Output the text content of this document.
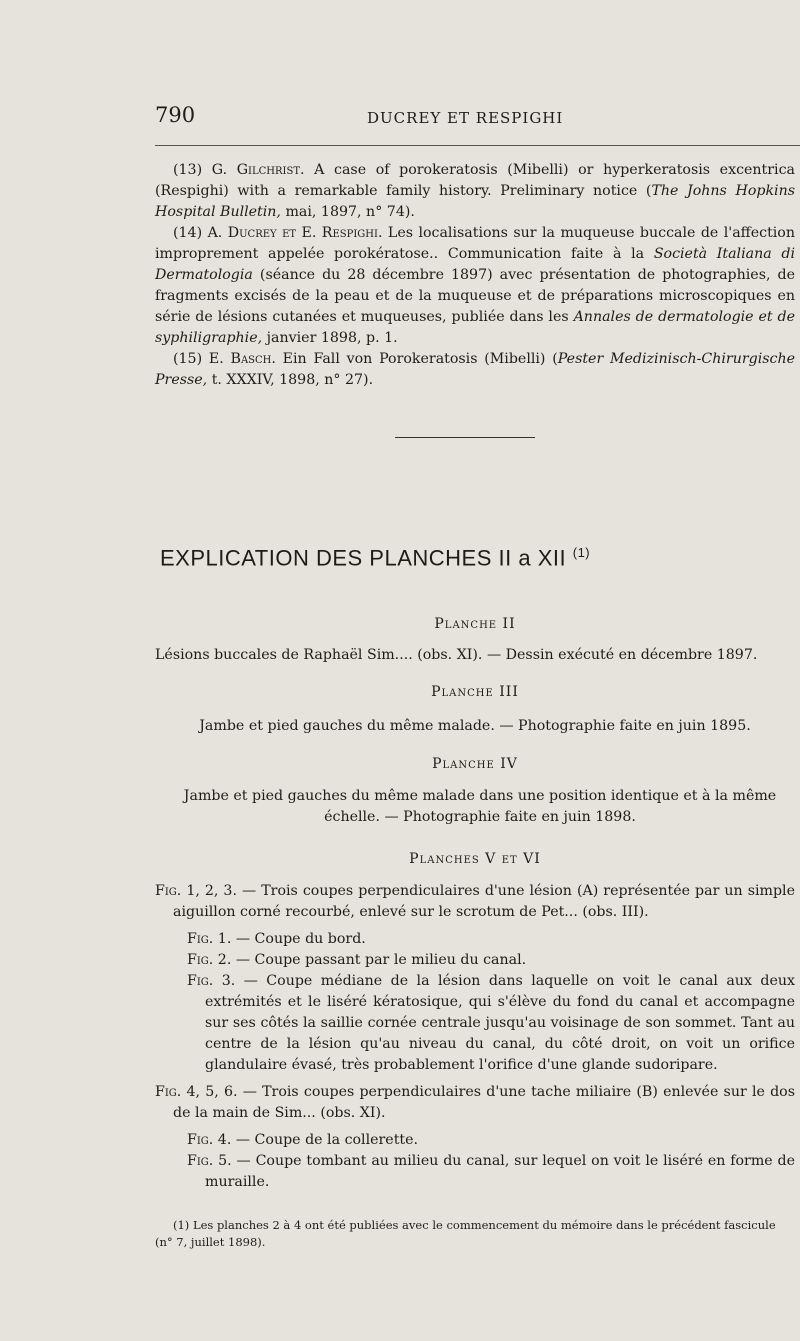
790	DUCREY ET RESPIGHI

(13) G. Gilchrist. A case of porokeratosis (Mibelli) or hyperkeratosis excentrica (Respighi) with a remarkable family history. Preliminary notice (The Johns Hopkins Hospital Bulletin, mai, 1897, n° 74).

(14) A. Ducrey et E. Respighi. Les localisations sur la muqueuse buccale de l'affection improprement appelée porokératose.. Communication faite à la Società Italiana di Dermatologia (séance du 28 décembre 1897) avec présentation de photographies, de fragments excisés de la peau et de la muqueuse et de préparations microscopiques en série de lésions cutanées et muqueuses, publiée dans les Annales de dermatologie et de syphiligraphie, janvier 1898, p. 1.

(15) E. Basch. Ein Fall von Porokeratosis (Mibelli) (Pester Medizinisch-Chirurgische Presse, t. XXXIV, 1898, n° 27).

EXPLICATION DES PLANCHES II a XII $^{(1)}$
Planche II
Lésions buccales de Raphaël Sim.... (obs. XI). — Dessin exécuté en décembre 1897.
Planche III
Jambe et pied gauches du même malade. — Photographie faite en juin 1895.
Planche IV
Jambe et pied gauches du même malade dans une position identique et à la même échelle. — Photographie faite en juin 1898.
Planches V et VI

Fig. 1, 2, 3. — Trois coupes perpendiculaires d'une lésion (A) représentée par un simple aiguillon corné recourbé, enlevé sur le scrotum de Pet... (obs. III).

Fig. 1. — Coupe du bord.

Fig. 2. — Coupe passant par le milieu du canal.

Fig. 3. — Coupe médiane de la lésion dans laquelle on voit le canal aux deux extrémités et le liséré kératosique, qui s'élève du fond du canal et accompagne sur ses côtés la saillie cornée centrale jusqu'au voisinage de son sommet. Tant au centre de la lésion qu'au niveau du canal, du côté droit, on voit un orifice glandulaire évasé, très probablement l'orifice d'une glande sudoripare.

Fig. 4, 5, 6. — Trois coupes perpendiculaires d'une tache miliaire (B) enlevée sur le dos de la main de Sim... (obs. XI).

Fig. 4. — Coupe de la collerette.

Fig. 5. — Coupe tombant au milieu du canal, sur lequel on voit le liséré en forme de muraille.

(1) Les planches 2 à 4 ont été publiées avec le commencement du mémoire dans le précédent fascicule (n° 7, juillet 1898).
